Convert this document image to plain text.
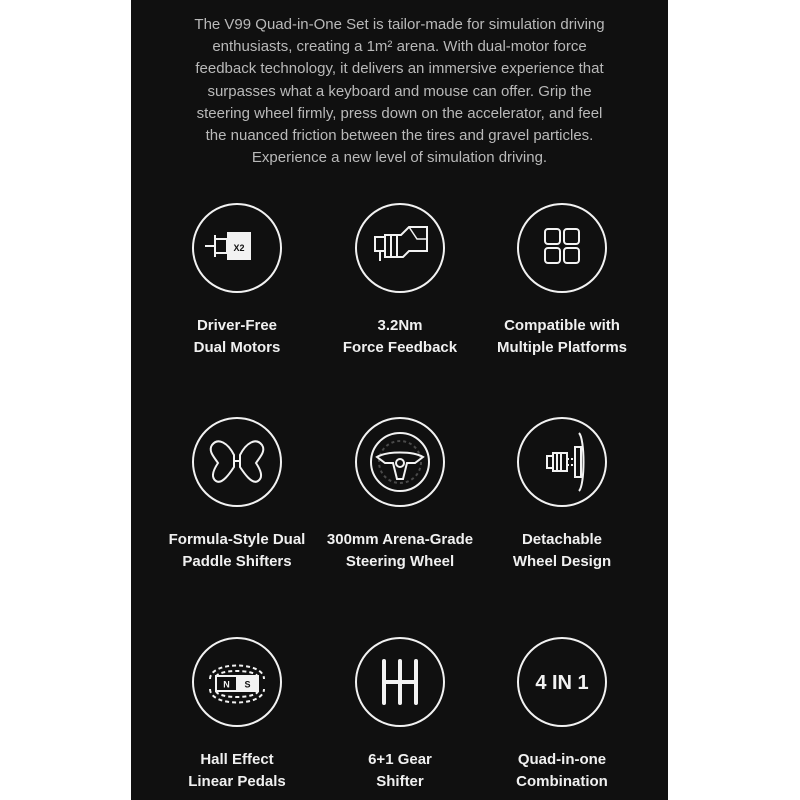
The V99 Quad-in-One Set is tailor-made for simulation driving
enthusiasts, creating a 1m² arena. With dual-motor force
feedback technology, it delivers an immersive experience that
surpasses what a keyboard and mouse can offer. Grip the
steering wheel firmly, press down on the accelerator, and feel
the nuanced friction between the tires and gravel particles.
Experience a new level of simulation driving.
X2
Driver-Free
Dual Motors
3.2Nm
Force Feedback
Compatible with
Multiple Platforms
Formula-Style Dual
Paddle Shifters
300mm Arena-Grade
Steering Wheel
Detachable
Wheel Design
N S
Hall Effect
Linear Pedals
6+1 Gear
Shifter
4 IN 1
Quad-in-one
Combination
